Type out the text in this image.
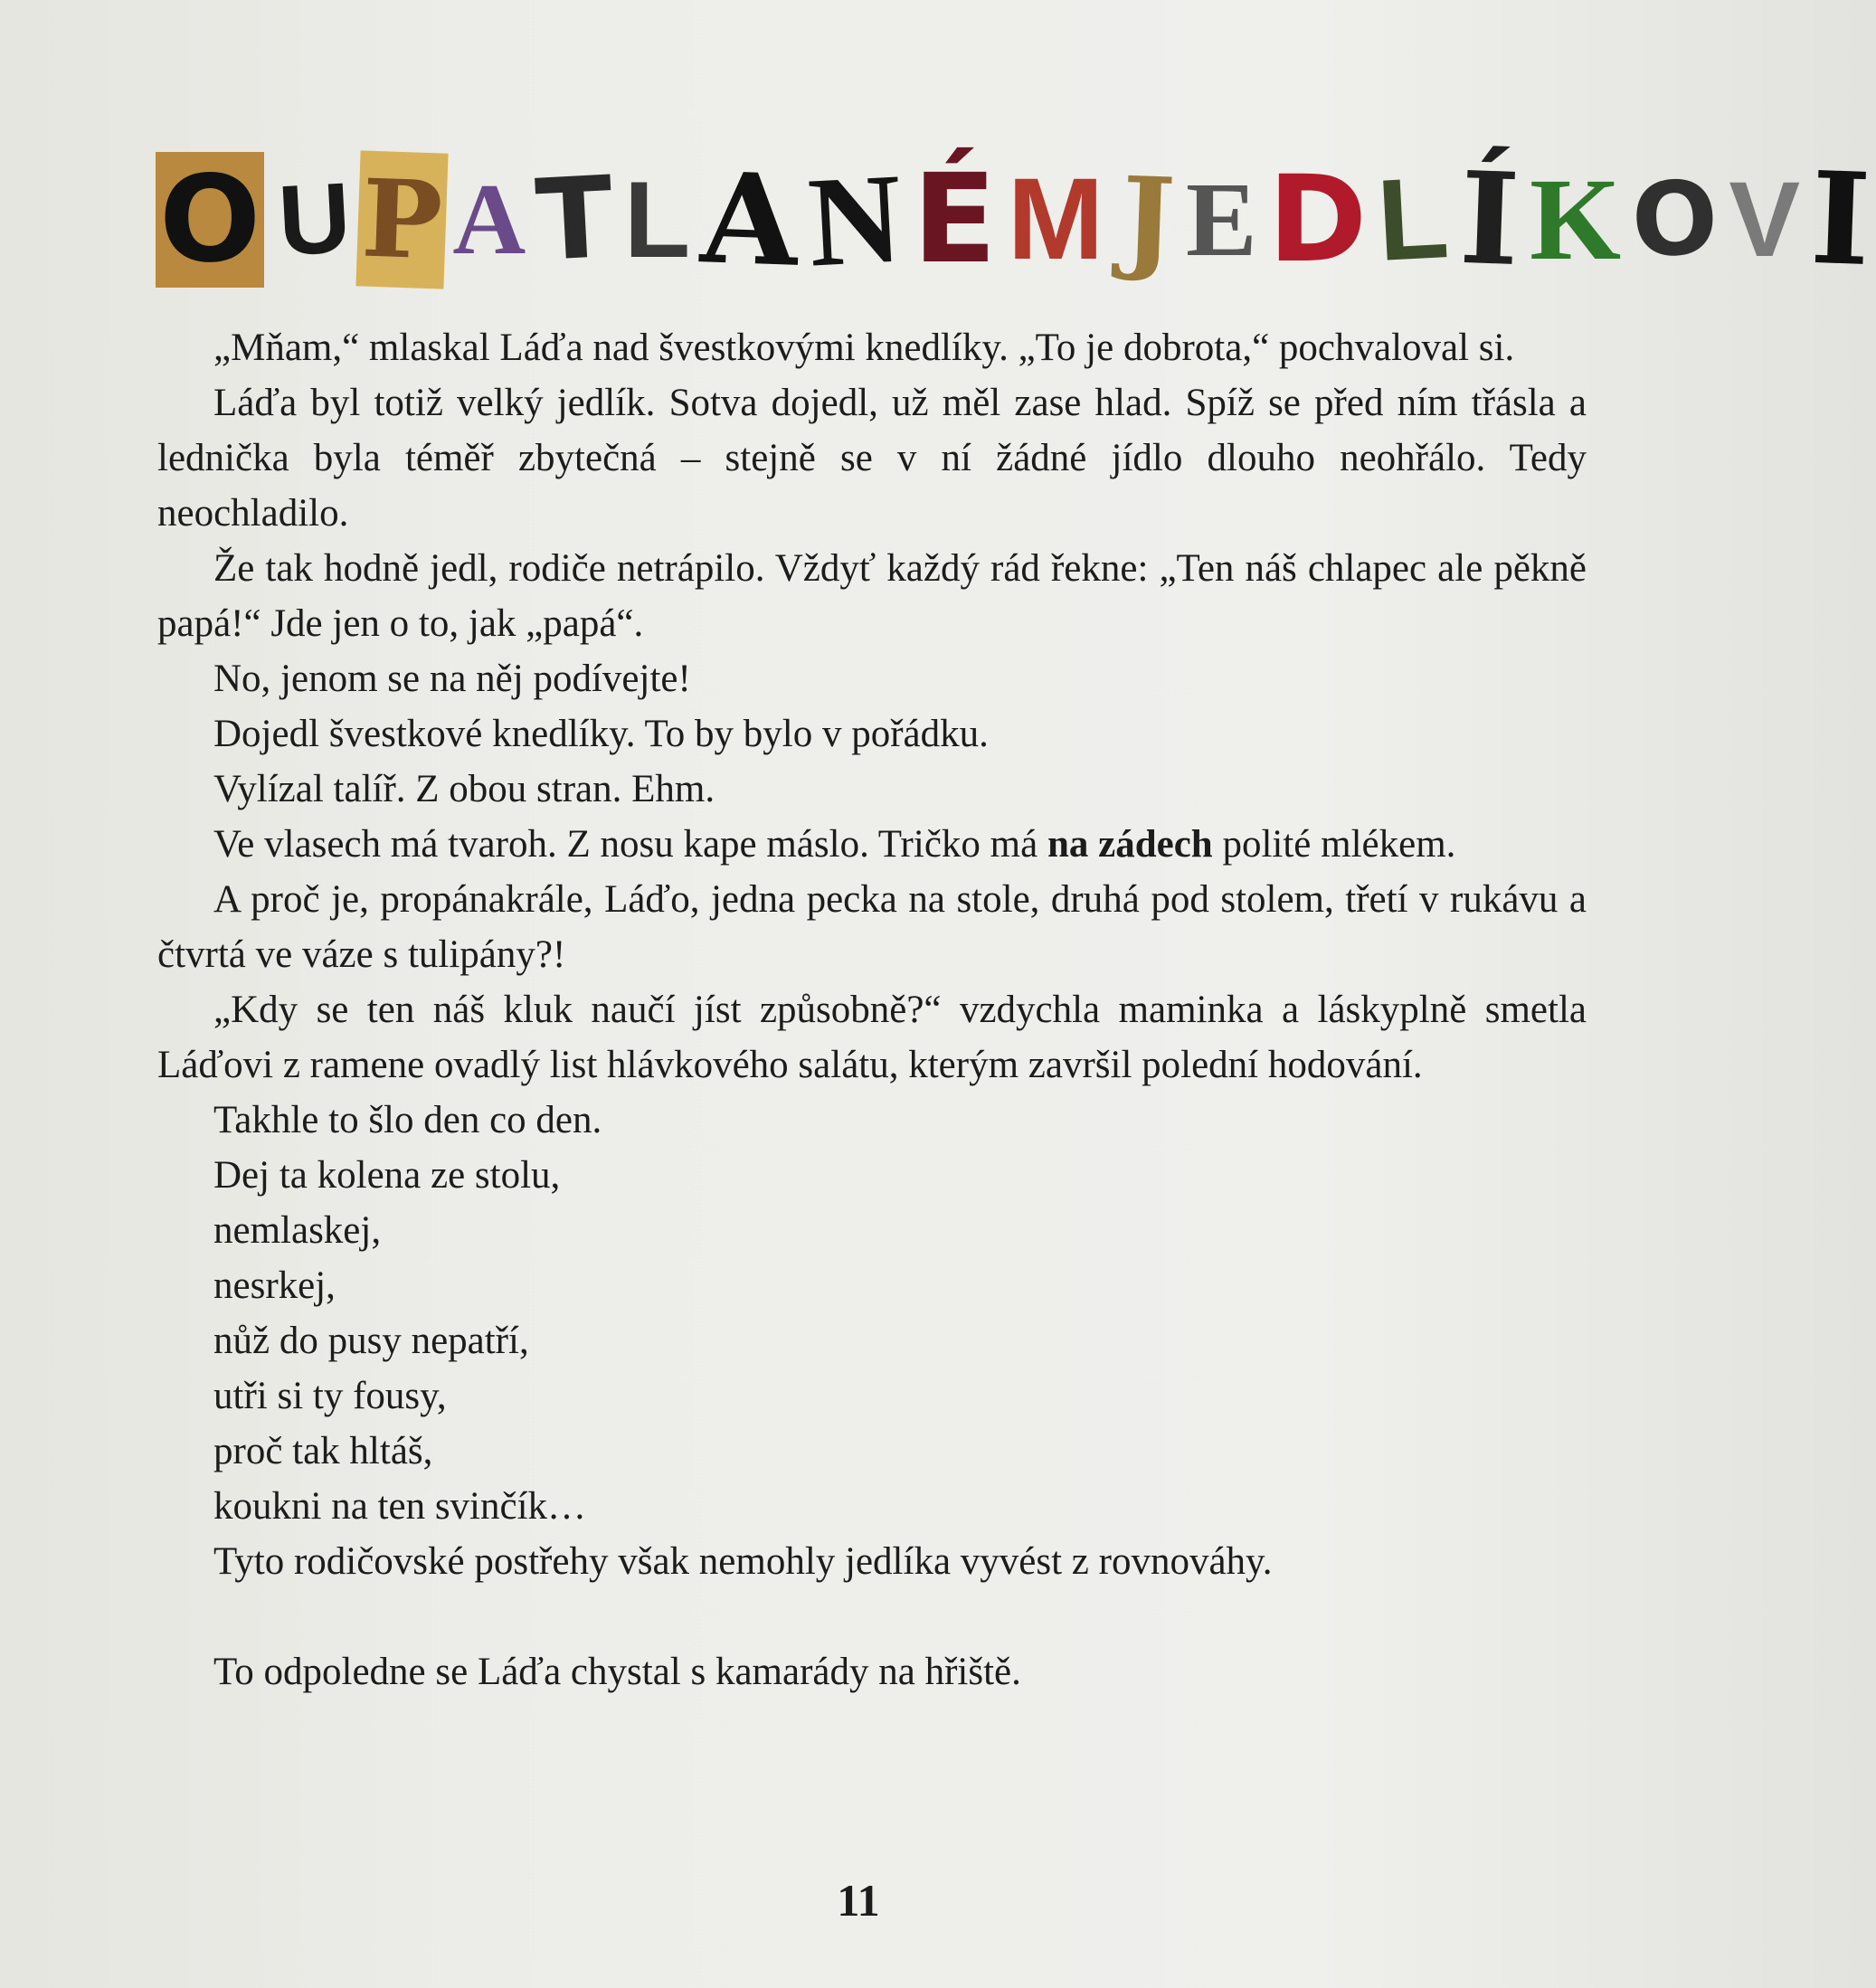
O U P A T L A N É M J E D L Í K O V I

„Mňam,“ mlaskal Láďa nad švestkovými knedlíky. „To je dobrota,“ pochvaloval si.

Láďa byl totiž velký jedlík. Sotva dojedl, už měl zase hlad. Spíž se před ním třásla a lednička byla téměř zbytečná – stejně se v ní žádné jídlo dlouho neohřálo. Tedy neochladilo.

Že tak hodně jedl, rodiče netrápilo. Vždyť každý rád řekne: „Ten náš chlapec ale pěkně papá!“ Jde jen o to, jak „papá“.

No, jenom se na něj podívejte!

Dojedl švestkové knedlíky. To by bylo v pořádku.

Vylízal talíř. Z obou stran. Ehm.

Ve vlasech má tvaroh. Z nosu kape máslo. Tričko má na zádech polité mlékem.

A proč je, propánakrále, Láďo, jedna pecka na stole, druhá pod stolem, třetí v rukávu a čtvrtá ve váze s tulipány?!

„Kdy se ten náš kluk naučí jíst způsobně?“ vzdychla maminka a láskyplně smetla Láďovi z ramene ovadlý list hlávkového salátu, kterým završil polední hodování.

Takhle to šlo den co den.

Dej ta kolena ze stolu,

nemlaskej,

nesrkej,

nůž do pusy nepatří,

utři si ty fousy,

proč tak hltáš,

koukni na ten svinčík…

Tyto rodičovské postřehy však nemohly jedlíka vyvést z rovnováhy.

To odpoledne se Láďa chystal s kamarády na hřiště.

11
